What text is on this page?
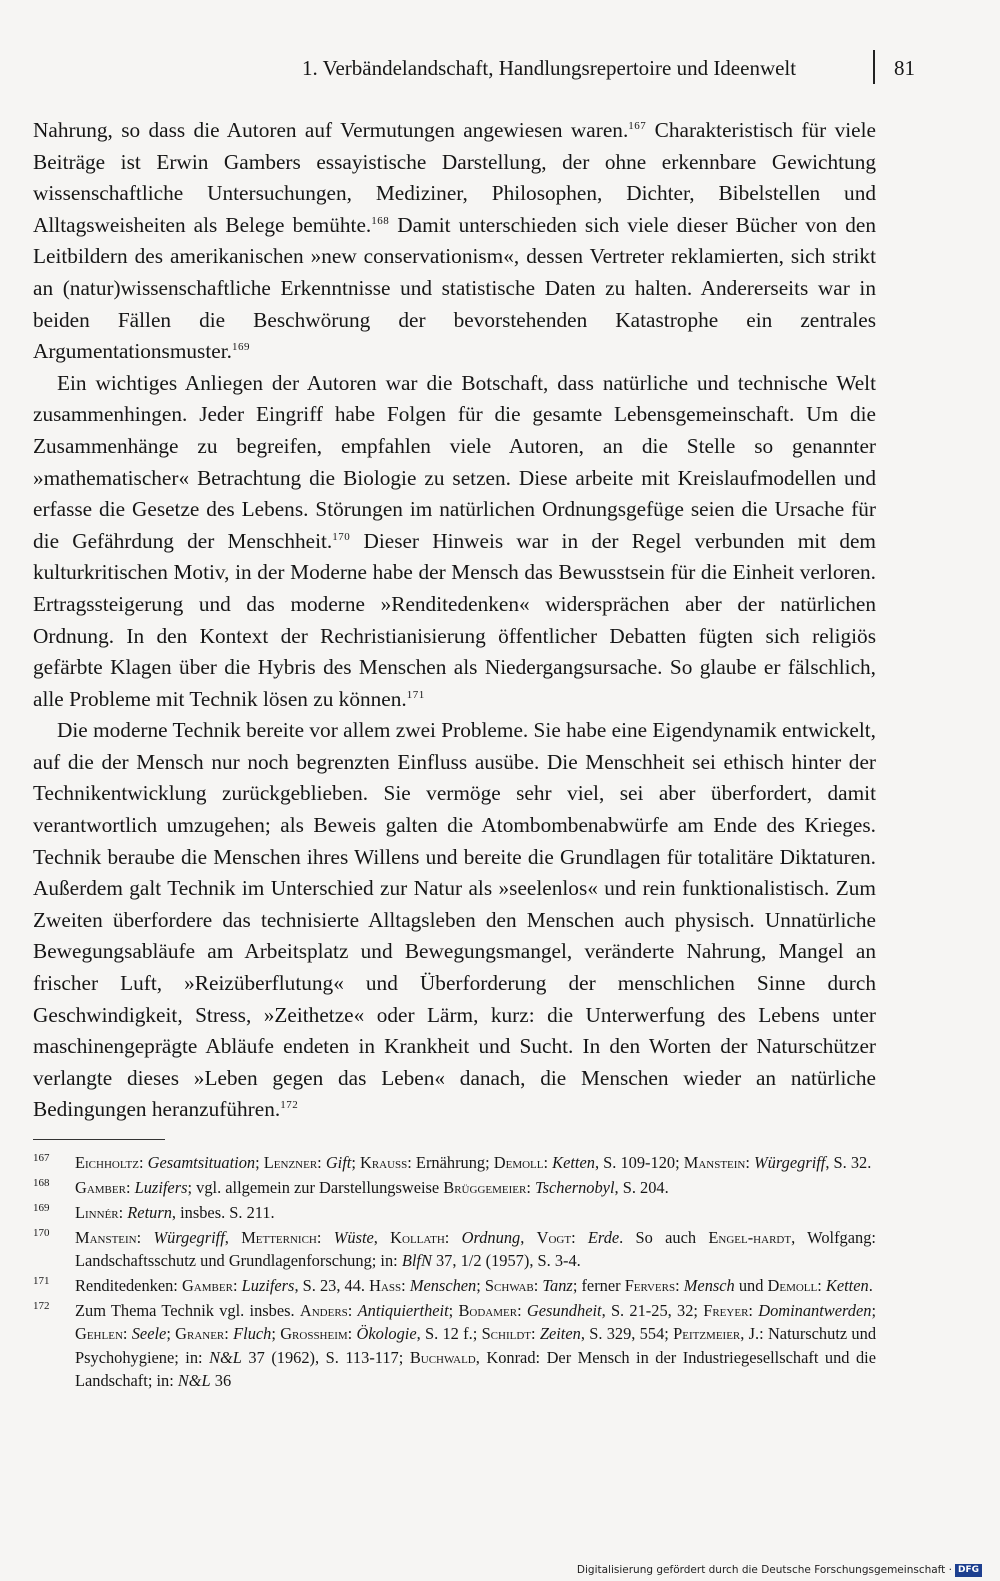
1. Verbändelandschaft, Handlungsrepertoire und Ideenwelt	81

Nahrung, so dass die Autoren auf Vermutungen angewiesen waren.$^{167}$ Charakteristisch für viele Beiträge ist Erwin Gambers essayistische Darstellung, der ohne erkennbare Gewichtung wissenschaftliche Untersuchungen, Mediziner, Philosophen, Dichter, Bibelstellen und Alltagsweisheiten als Belege bemühte.$^{168}$ Damit unterschieden sich viele dieser Bücher von den Leitbildern des amerikanischen »new conservationism«, dessen Vertreter reklamierten, sich strikt an (natur)wissenschaftliche Erkenntnisse und statistische Daten zu halten. Andererseits war in beiden Fällen die Beschwörung der bevorstehenden Katastrophe ein zentrales Argumentationsmuster.$^{169}$

Ein wichtiges Anliegen der Autoren war die Botschaft, dass natürliche und technische Welt zusammenhingen. Jeder Eingriff habe Folgen für die gesamte Lebensgemeinschaft. Um die Zusammenhänge zu begreifen, empfahlen viele Autoren, an die Stelle so genannter »mathematischer« Betrachtung die Biologie zu setzen. Diese arbeite mit Kreislaufmodellen und erfasse die Gesetze des Lebens. Störungen im natürlichen Ordnungsgefüge seien die Ursache für die Gefährdung der Menschheit.$^{170}$ Dieser Hinweis war in der Regel verbunden mit dem kulturkritischen Motiv, in der Moderne habe der Mensch das Bewusstsein für die Einheit verloren. Ertragssteigerung und das moderne »Renditedenken« widersprächen aber der natürlichen Ordnung. In den Kontext der Rechristianisierung öffentlicher Debatten fügten sich religiös gefärbte Klagen über die Hybris des Menschen als Niedergangsursache. So glaube er fälschlich, alle Probleme mit Technik lösen zu können.$^{171}$

Die moderne Technik bereite vor allem zwei Probleme. Sie habe eine Eigendynamik entwickelt, auf die der Mensch nur noch begrenzten Einfluss ausübe. Die Menschheit sei ethisch hinter der Technikentwicklung zurückgeblieben. Sie vermöge sehr viel, sei aber überfordert, damit verantwortlich umzugehen; als Beweis galten die Atombombenabwürfe am Ende des Krieges. Technik beraube die Menschen ihres Willens und bereite die Grundlagen für totalitäre Diktaturen. Außerdem galt Technik im Unterschied zur Natur als »seelenlos« und rein funktionalistisch. Zum Zweiten überfordere das technisierte Alltagsleben den Menschen auch physisch. Unnatürliche Bewegungsabläufe am Arbeitsplatz und Bewegungsmangel, veränderte Nahrung, Mangel an frischer Luft, »Reizüberflutung« und Überforderung der menschlichen Sinne durch Geschwindigkeit, Stress, »Zeithetze« oder Lärm, kurz: die Unterwerfung des Lebens unter maschinengeprägte Abläufe endeten in Krankheit und Sucht. In den Worten der Naturschützer verlangte dieses »Leben gegen das Leben« danach, die Menschen wieder an natürliche Bedingungen heranzuführen.$^{172}$

167 Eichholtz: Gesamtsituation; Lenzner: Gift; Krauss: Ernährung; Demoll: Ketten, S. 109-120; Manstein: Würgegriff, S. 32.
168 Gamber: Luzifers; vgl. allgemein zur Darstellungsweise Brüggemeier: Tschernobyl, S. 204.
169 Linnér: Return, insbes. S. 211.
170 Manstein: Würgegriff, Metternich: Wüste, Kollath: Ordnung, Vogt: Erde. So auch Engel-hardt, Wolfgang: Landschaftsschutz und Grundlagenforschung; in: BlfN 37, 1/2 (1957), S. 3-4.
171 Renditedenken: Gamber: Luzifers, S. 23, 44. Hass: Menschen; Schwab: Tanz; ferner Fervers: Mensch und Demoll: Ketten.
172 Zum Thema Technik vgl. insbes. Anders: Antiquiertheit; Bodamer: Gesundheit, S. 21-25, 32; Freyer: Dominantwerden; Gehlen: Seele; Graner: Fluch; Grossheim: Ökologie, S. 12 f.; Schildt: Zeiten, S. 329, 554; Peitzmeier, J.: Naturschutz und Psychohygiene; in: N&L 37 (1962), S. 113-117; Buchwald, Konrad: Der Mensch in der Industriegesellschaft und die Landschaft; in: N&L 36
Digitalisierung gefördert durch die Deutsche Forschungsgemeinschaft · DFG
